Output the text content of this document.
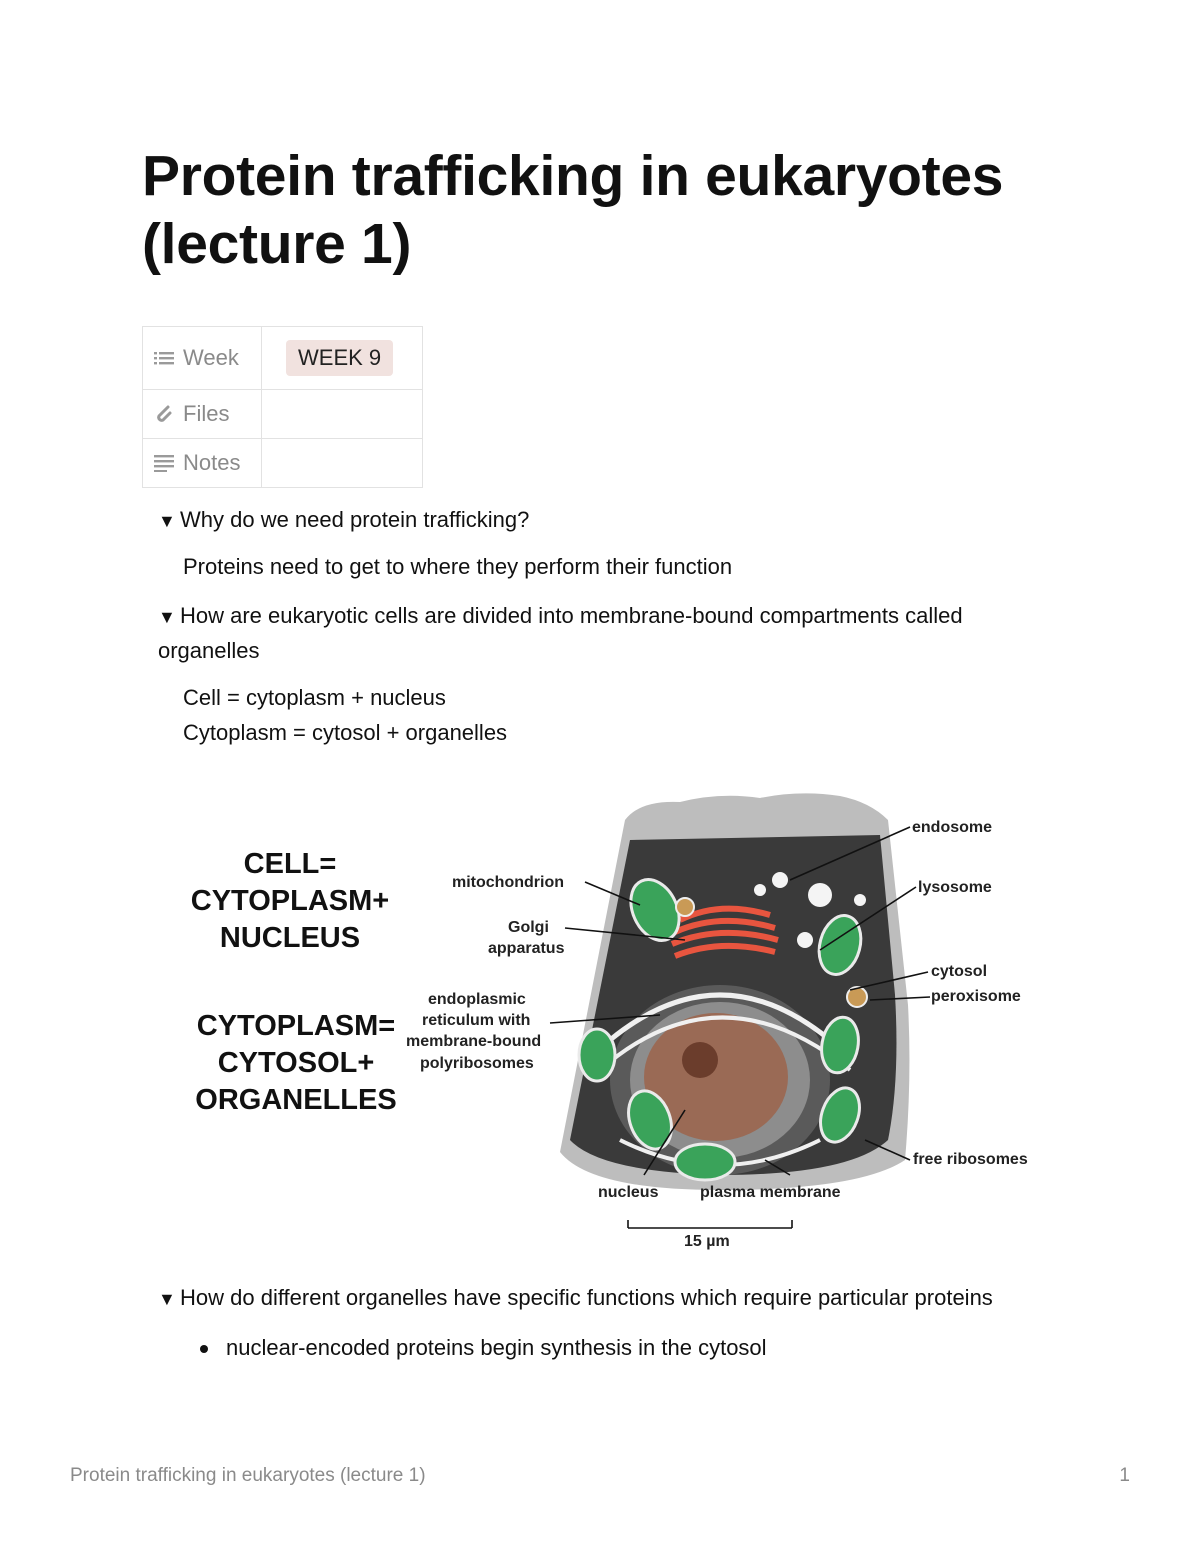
Protein trafficking in eukaryotes (lecture 1)
Week	WEEK 9

Files	

Notes	

▼ Why do we need protein trafficking?
Proteins need to get to where they perform their function
▼ How are eukaryotic cells are divided into membrane-bound compartments called
organelles
Cell = cytoplasm + nucleus
Cytoplasm = cytosol + organelles
CELL=
CYTOPLASM+
NUCLEUS
CYTOPLASM=
CYTOSOL+
ORGANELLES
endosome
mitochondrion	lysosome
Golgi
apparatus
cytosol
peroxisome
endoplasmic
reticulum with
membrane-bound
polyribosomes
free ribosomes
nucleus	plasma membrane
15 µm
▼ How do different organelles have specific functions which require particular proteins
nuclear-encoded proteins begin synthesis in the cytosol
Protein trafficking in eukaryotes (lecture 1)	1
